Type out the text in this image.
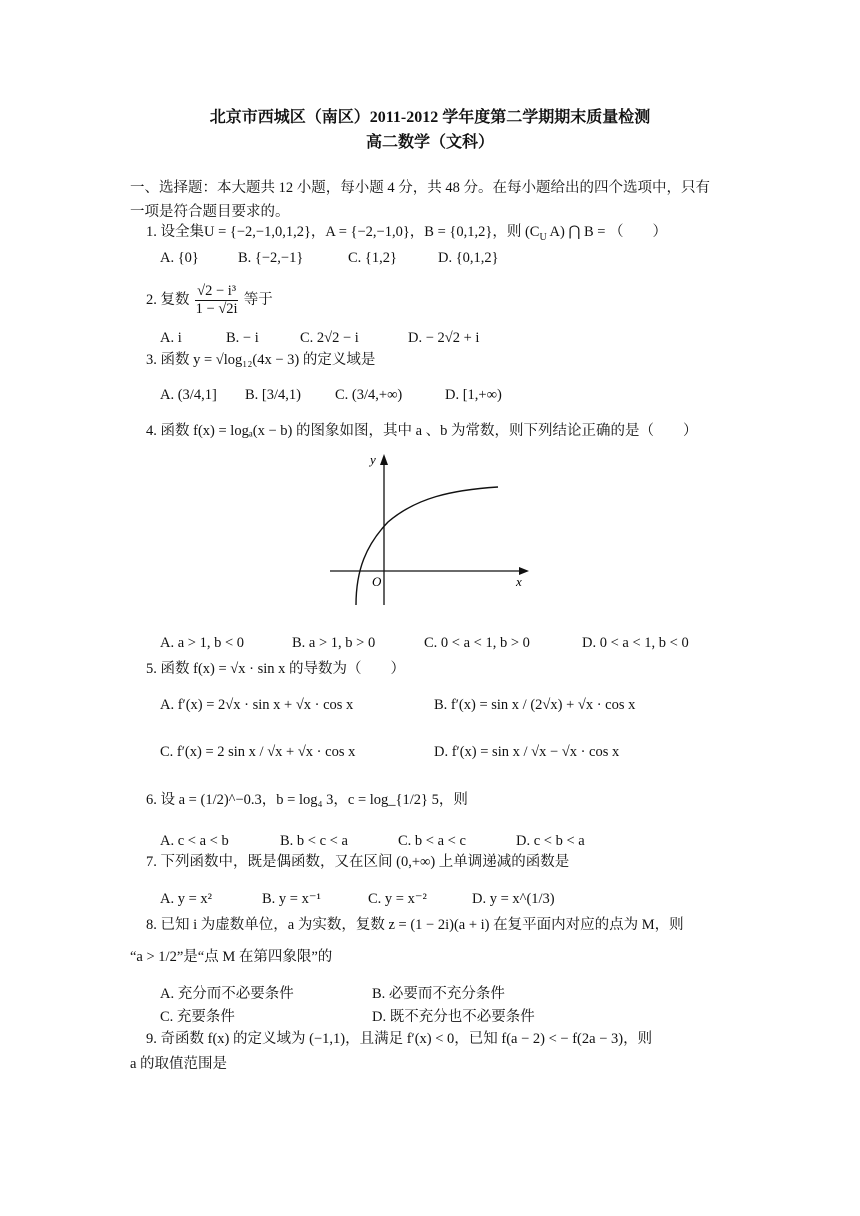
北京市西城区（南区）2011-2012 学年度第二学期期末质量检测
高二数学（文科）
一、选择题：本大题共 12 小题，每小题 4 分，共 48 分。在每小题给出的四个选项中，只有
一项是符合题目要求的。
1. 设全集U = {−2,−1,0,1,2}，A = {−2,−1,0}，B = {0,1,2}，则 ($C_U$ A) ⋂ B = （　　）
A. {0}	B. {−2,−1}	C. {1,2}	D. {0,1,2}
2. 复数 $\frac{\text{√2 − i³}}{1 - √2i}$ 等于
A. i	B. − i	C. 2√2 − i	D. − 2√2 + i
3. 函数 y = √log₁₂(4x − 3) 的定义域是
A. (3/4,1] B. [3/4,1) C. (3/4,+∞)	D. [1,+∞)
4. 函数 f(x) = logₐ(x − b) 的图象如图，其中 a 、b 为常数，则下列结论正确的是（　　）
y
x
O
A. a > 1, b < 0	B. a > 1, b > 0	C. 0 < a < 1, b > 0	D. 0 < a < 1, b < 0
5. 函数 f(x) = √x · sin x 的导数为（　　）
A. f′(x) = 2√x · sin x + √x · cos x	B. f′(x) = sin x / (2√x) + √x · cos x
C. f′(x) = 2 sin x / √x + √x · cos x	D. f′(x) = sin x / √x − √x · cos x
6. 设 a = (1/2)^−0.3，b = log₄ 3，c = log_{1/2} 5，则
A. c < a < b	B. b < c < a	C. b < a < c	D. c < b < a
7. 下列函数中，既是偶函数，又在区间 (0,+∞) 上单调递减的函数是
A. y = x²	B. y = x⁻¹	C. y = x⁻²	D. y = x^(1/3)
8. 已知 i 为虚数单位，a 为实数，复数 z = (1 − 2i)(a + i) 在复平面内对应的点为 M，则
“a > 1/2”是“点 M 在第四象限”的
A. 充分而不必要条件	B. 必要而不充分条件
C. 充要条件	D. 既不充分也不必要条件
9. 奇函数 f(x) 的定义域为 (−1,1)，且满足 f′(x) < 0，已知 f(a − 2) < − f(2a − 3)，则
a 的取值范围是
